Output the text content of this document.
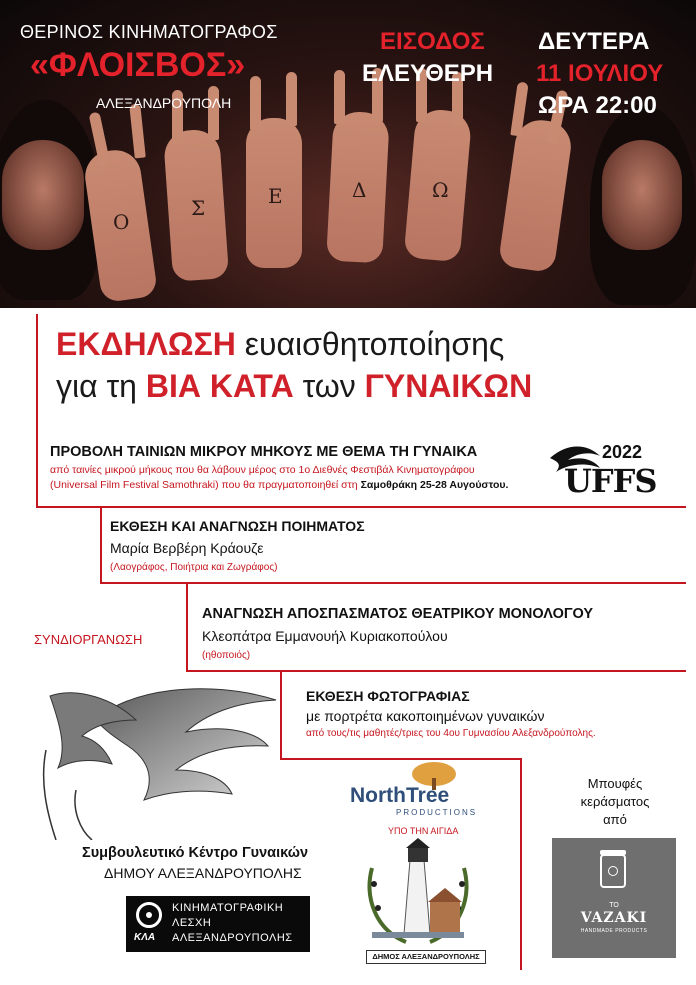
Ο
Σ	Ε	Δ	Ω
ΘΕΡΙΝΟΣ ΚΙΝΗΜΑΤΟΓΡΑΦΟΣ
«ΦΛΟΙΣΒΟΣ»
ΑΛΕΞΑΝΔΡΟΥΠΟΛΗ
ΕΙΣΟΔΟΣ
ΕΛΕΥΘΕΡΗ
ΔΕΥΤΕΡΑ
11 ΙΟΥΛΙΟΥ
ΩΡΑ 22:00
ΕΚΔΗΛΩΣΗ ευαισθητοποίησης
για τη ΒΙΑ ΚΑΤΑ των ΓΥΝΑΙΚΩΝ
ΠΡΟΒΟΛΗ ΤΑΙΝΙΩΝ ΜΙΚΡΟΥ ΜΗΚΟΥΣ ΜΕ ΘΕΜΑ ΤΗ ΓΥΝΑΙΚΑ
από ταινίες μικρού μήκους που θα λάβουν μέρος στο 1ο Διεθνές Φεστιβάλ Κινηματογράφου
(Universal Film Festival Samothraki) που θα πραγματοποιηθεί στη Σαμοθράκη 25-28 Αυγούστου.
2022
UFFS
ΕΚΘΕΣΗ ΚΑΙ ΑΝΑΓΝΩΣΗ ΠΟΙΗΜΑΤΟΣ
Μαρία Βερβέρη Κράουζε
(Λαογράφος, Ποιήτρια και Ζωγράφος)
ΑΝΑΓΝΩΣΗ ΑΠΟΣΠΑΣΜΑΤΟΣ ΘΕΑΤΡΙΚΟΥ ΜΟΝΟΛΟΓΟΥ
Κλεοπάτρα Εμμανουήλ Κυριακοπούλου
(ηθοποιός)
ΣΥΝΔΙΟΡΓΑΝΩΣΗ
ΕΚΘΕΣΗ ΦΩΤΟΓΡΑΦΙΑΣ
με πορτρέτα κακοποιημένων γυναικών
από τους/τις μαθητές/τριες του 4ου Γυμνασίου Αλεξανδρούπολης.
Συμβουλευτικό Κέντρο Γυναικών
ΔΗΜΟΥ ΑΛΕΞΑΝΔΡΟΥΠΟΛΗΣ
ΚΛΑ
ΚΙΝΗΜΑΤΟΓΡΑΦΙΚΗ
ΛΕΣΧΗ
ΑΛΕΞΑΝΔΡΟΥΠΟΛΗΣ
NorthTree
PRODUCTIONS
ΥΠΟ ΤΗΝ ΑΙΓΙΔΑ
ΔΗΜΟΣ ΑΛΕΞΑΝΔΡΟΥΠΟΛΗΣ
Μπουφές
κεράσματος
από
ΤΟ
VAZAKI
HANDMADE PRODUCTS
